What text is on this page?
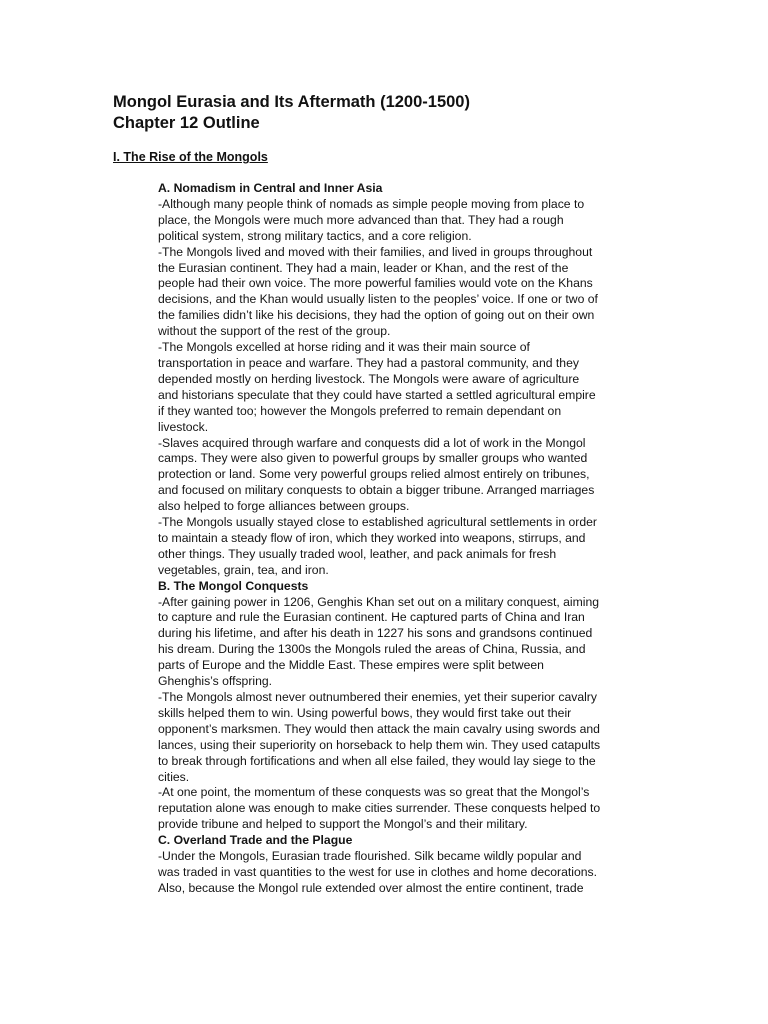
Mongol Eurasia and Its Aftermath (1200-1500)
Chapter 12 Outline
I. The Rise of the Mongols
A. Nomadism in Central and Inner Asia
-Although many people think of nomads as simple people moving from place to
place, the Mongols were much more advanced than that. They had a rough
political system, strong military tactics, and a core religion.
-The Mongols lived and moved with their families, and lived in groups throughout
the Eurasian continent. They had a main, leader or Khan, and the rest of the
people had their own voice. The more powerful families would vote on the Khans
decisions, and the Khan would usually listen to the peoples’ voice. If one or two of
the families didn’t like his decisions, they had the option of going out on their own
without the support of the rest of the group.
-The Mongols excelled at horse riding and it was their main source of
transportation in peace and warfare. They had a pastoral community, and they
depended mostly on herding livestock. The Mongols were aware of agriculture
and historians speculate that they could have started a settled agricultural empire
if they wanted too; however the Mongols preferred to remain dependant on
livestock.
-Slaves acquired through warfare and conquests did a lot of work in the Mongol
camps. They were also given to powerful groups by smaller groups who wanted
protection or land. Some very powerful groups relied almost entirely on tribunes,
and focused on military conquests to obtain a bigger tribune. Arranged marriages
also helped to forge alliances between groups.
-The Mongols usually stayed close to established agricultural settlements in order
to maintain a steady flow of iron, which they worked into weapons, stirrups, and
other things. They usually traded wool, leather, and pack animals for fresh
vegetables, grain, tea, and iron.
B. The Mongol Conquests
-After gaining power in 1206, Genghis Khan set out on a military conquest, aiming
to capture and rule the Eurasian continent. He captured parts of China and Iran
during his lifetime, and after his death in 1227 his sons and grandsons continued
his dream. During the 1300s the Mongols ruled the areas of China, Russia, and
parts of Europe and the Middle East. These empires were split between
Ghenghis’s offspring.
-The Mongols almost never outnumbered their enemies, yet their superior cavalry
skills helped them to win. Using powerful bows, they would first take out their
opponent’s marksmen. They would then attack the main cavalry using swords and
lances, using their superiority on horseback to help them win. They used catapults
to break through fortifications and when all else failed, they would lay siege to the
cities.
-At one point, the momentum of these conquests was so great that the Mongol’s
reputation alone was enough to make cities surrender. These conquests helped to
provide tribune and helped to support the Mongol’s and their military.
C. Overland Trade and the Plague
-Under the Mongols, Eurasian trade flourished. Silk became wildly popular and
was traded in vast quantities to the west for use in clothes and home decorations.
Also, because the Mongol rule extended over almost the entire continent, trade
